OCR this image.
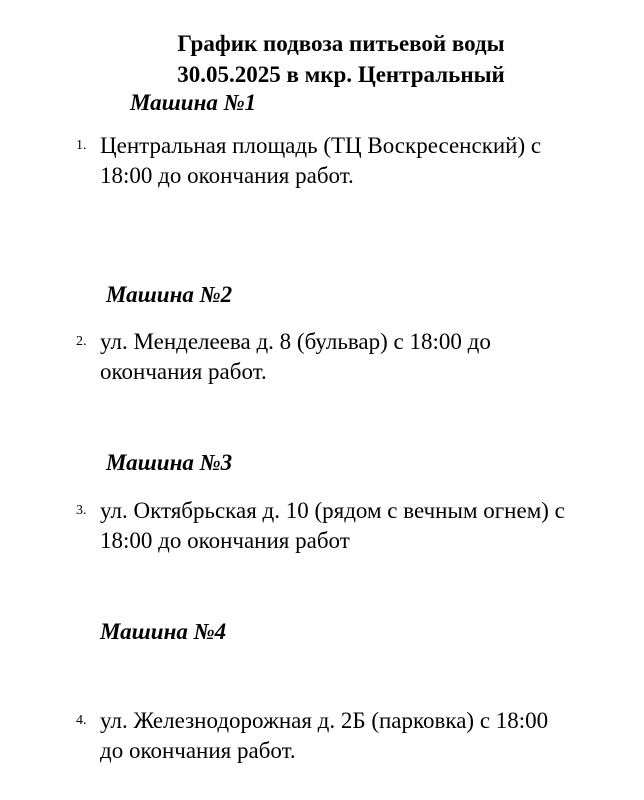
График подвоза питьевой воды
30.05.2025 в мкр. Центральный
Машина №1
1. Центральная площадь (ТЦ Воскресенский) с 18:00 до окончания работ.
Машина №2
2. ул. Менделеева д. 8 (бульвар) с 18:00 до окончания работ.
Машина №3
3. ул. Октябрьская д. 10 (рядом с вечным огнем) с 18:00 до окончания работ
Машина №4
4. ул. Железнодорожная д. 2Б (парковка) с 18:00 до окончания работ.
